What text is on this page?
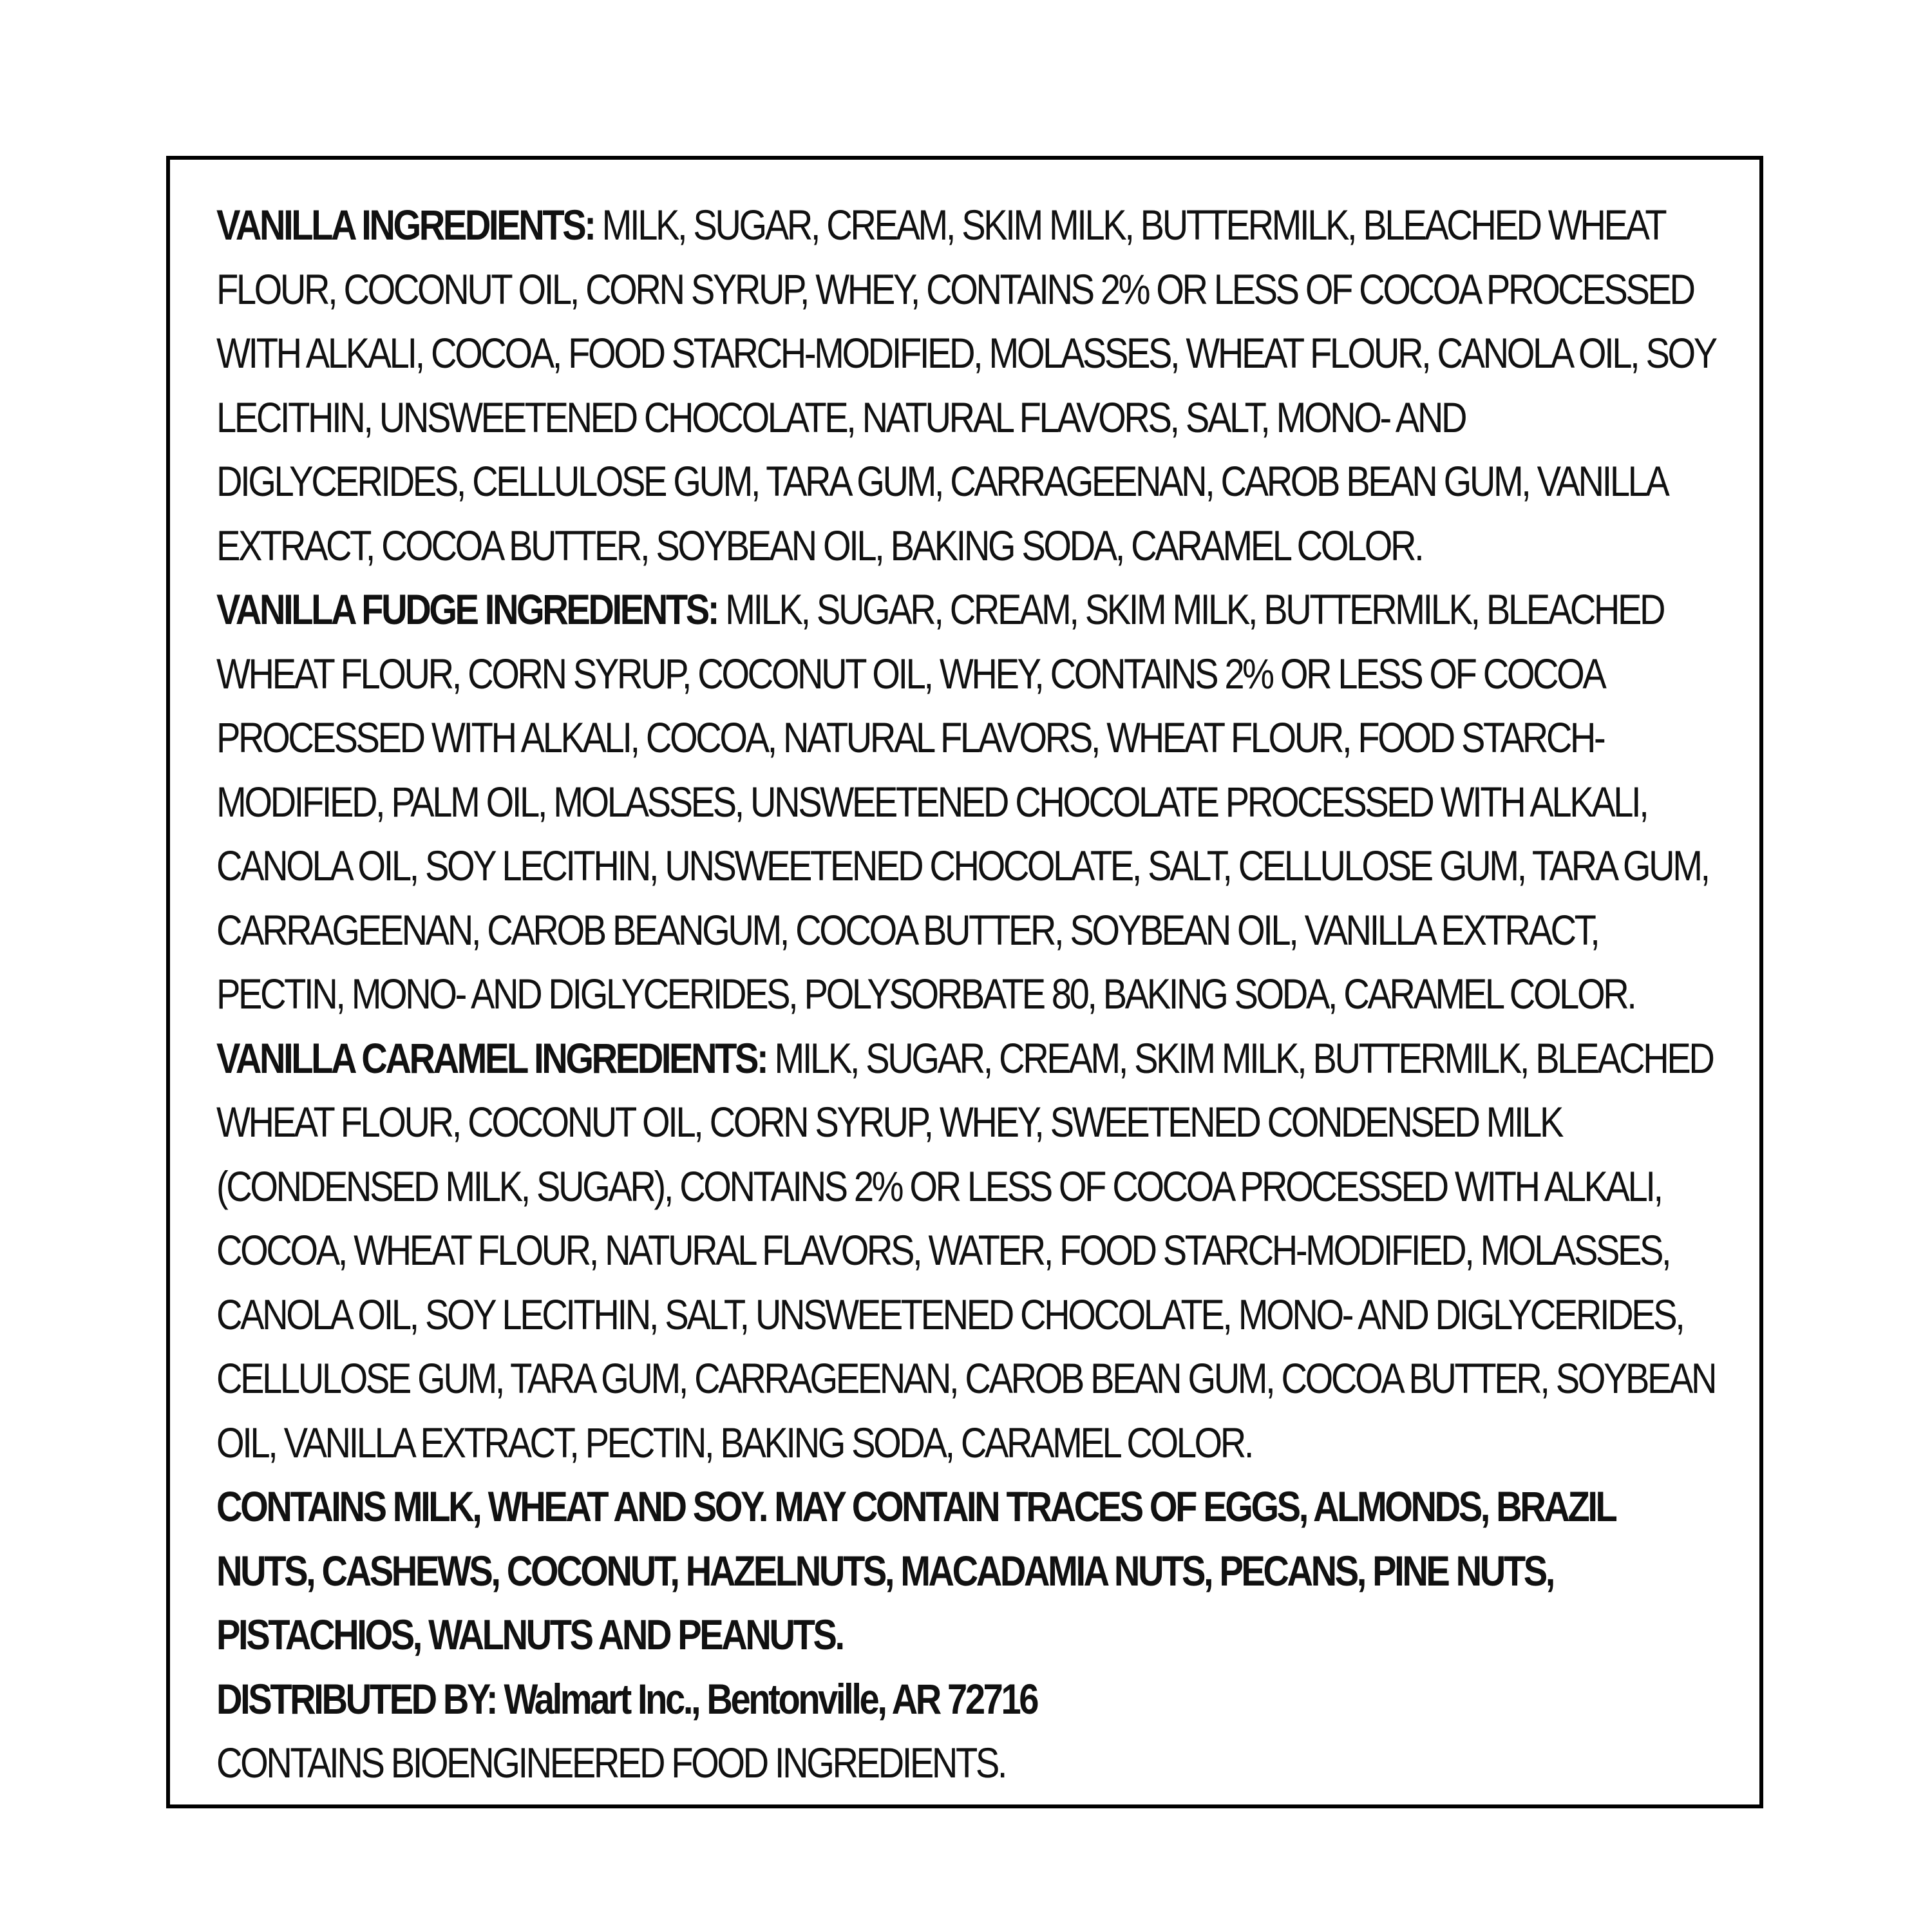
VANILLA INGREDIENTS: MILK, SUGAR, CREAM, SKIM MILK, BUTTERMILK, BLEACHED WHEAT FLOUR, COCONUT OIL, CORN SYRUP, WHEY, CONTAINS 2% OR LESS OF COCOA PROCESSED WITH ALKALI, COCOA, FOOD STARCH-MODIFIED, MOLASSES, WHEAT FLOUR, CANOLA OIL, SOY LECITHIN, UNSWEETENED CHOCOLATE, NATURAL FLAVORS, SALT, MONO- AND DIGLYCERIDES, CELLULOSE GUM, TARA GUM, CARRAGEENAN, CAROB BEAN GUM, VANILLA EXTRACT, COCOA BUTTER, SOYBEAN OIL, BAKING SODA, CARAMEL COLOR.

VANILLA FUDGE INGREDIENTS: MILK, SUGAR, CREAM, SKIM MILK, BUTTERMILK, BLEACHED WHEAT FLOUR, CORN SYRUP, COCONUT OIL, WHEY, CONTAINS 2% OR LESS OF COCOA PROCESSED WITH ALKALI, COCOA, NATURAL FLAVORS, WHEAT FLOUR, FOOD STARCH-MODIFIED, PALM OIL, MOLASSES, UNSWEETENED CHOCOLATE PROCESSED WITH ALKALI, CANOLA OIL, SOY LECITHIN, UNSWEETENED CHOCOLATE, SALT, CELLULOSE GUM, TARA GUM, CARRAGEENAN, CAROB BEANGUM, COCOA BUTTER, SOYBEAN OIL, VANILLA EXTRACT, PECTIN, MONO- AND DIGLYCERIDES, POLYSORBATE 80, BAKING SODA, CARAMEL COLOR.

VANILLA CARAMEL INGREDIENTS: MILK, SUGAR, CREAM, SKIM MILK, BUTTERMILK, BLEACHED WHEAT FLOUR, COCONUT OIL, CORN SYRUP, WHEY, SWEETENED CONDENSED MILK (CONDENSED MILK, SUGAR), CONTAINS 2% OR LESS OF COCOA PROCESSED WITH ALKALI, COCOA, WHEAT FLOUR, NATURAL FLAVORS, WATER, FOOD STARCH-MODIFIED, MOLASSES, CANOLA OIL, SOY LECITHIN, SALT, UNSWEETENED CHOCOLATE, MONO- AND DIGLYCERIDES, CELLULOSE GUM, TARA GUM, CARRAGEENAN, CAROB BEAN GUM, COCOA BUTTER, SOYBEAN OIL, VANILLA EXTRACT, PECTIN, BAKING SODA, CARAMEL COLOR.

CONTAINS MILK, WHEAT AND SOY. MAY CONTAIN TRACES OF EGGS, ALMONDS, BRAZIL NUTS, CASHEWS, COCONUT, HAZELNUTS, MACADAMIA NUTS, PECANS, PINE NUTS, PISTACHIOS, WALNUTS AND PEANUTS.

DISTRIBUTED BY: Walmart Inc., Bentonville, AR 72716

CONTAINS BIOENGINEERED FOOD INGREDIENTS.
